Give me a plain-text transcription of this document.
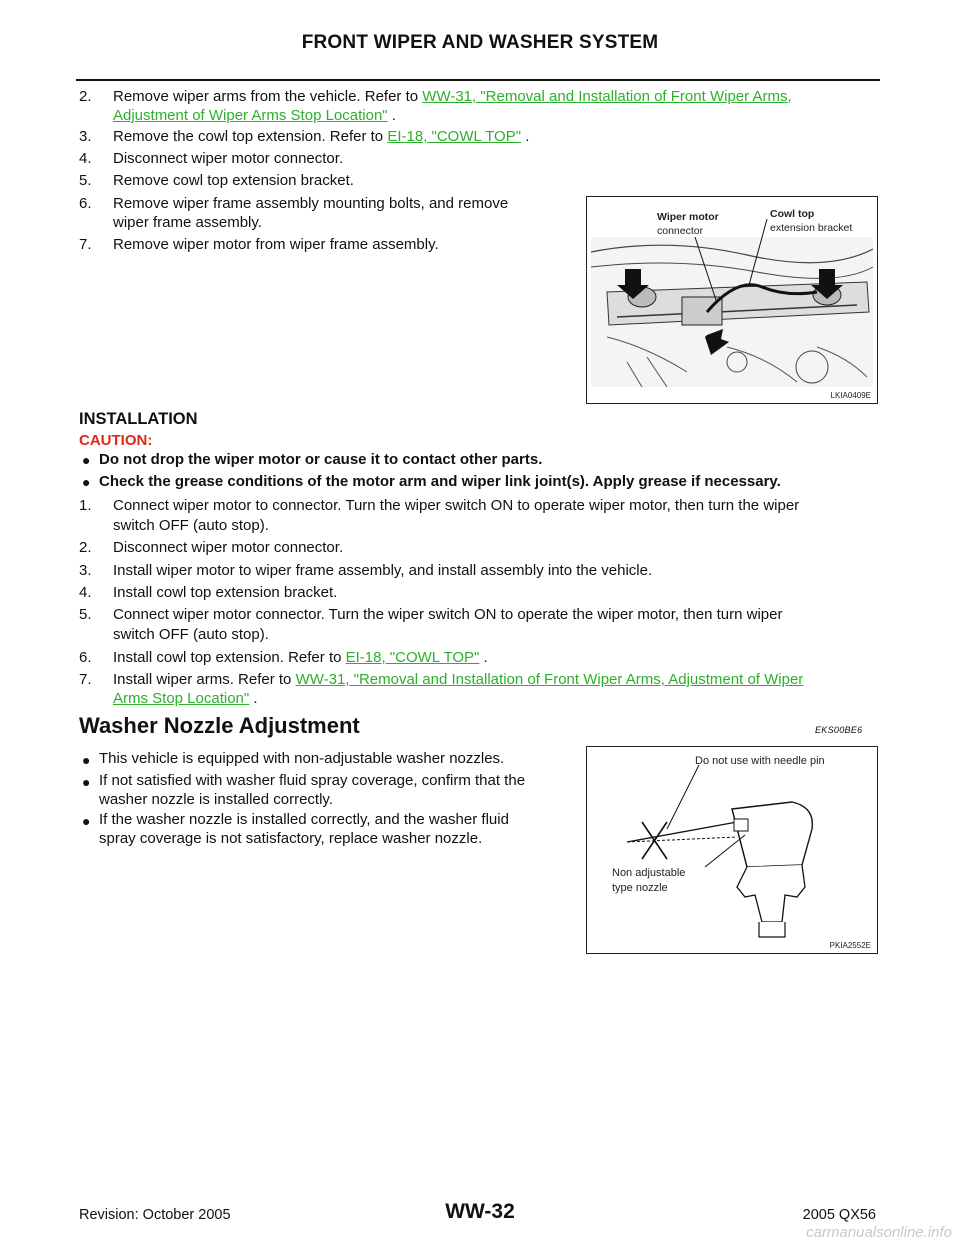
FRONT WIPER AND WASHER SYSTEM
2. Remove wiper arms from the vehicle. Refer to WW-31, "Removal and Installation of Front Wiper Arms,
Adjustment of Wiper Arms Stop Location" .
3. Remove the cowl top extension. Refer to EI-18, "COWL TOP" .
4. Disconnect wiper motor connector.
5. Remove cowl top extension bracket.
6. Remove wiper frame assembly mounting bolts, and remove
wiper frame assembly.
7. Remove wiper motor from wiper frame assembly.
Wiper motor
connector
Cowl top
extension bracket
LKIA0409E
INSTALLATION
CAUTION:
● Do not drop the wiper motor or cause it to contact other parts.
● Check the grease conditions of the motor arm and wiper link joint(s). Apply grease if necessary.
1. Connect wiper motor to connector. Turn the wiper switch ON to operate wiper motor, then turn the wiper
switch OFF (auto stop).
2. Disconnect wiper motor connector.
3. Install wiper motor to wiper frame assembly, and install assembly into the vehicle.
4. Install cowl top extension bracket.
5. Connect wiper motor connector. Turn the wiper switch ON to operate the wiper motor, then turn wiper
switch OFF (auto stop).
6. Install cowl top extension. Refer to EI-18, "COWL TOP" .
7. Install wiper arms. Refer to WW-31, "Removal and Installation of Front Wiper Arms, Adjustment of Wiper
Arms Stop Location" .
Washer Nozzle Adjustment	EKS00BE6
● This vehicle is equipped with non-adjustable washer nozzles.
● If not satisfied with washer fluid spray coverage, confirm that the
washer nozzle is installed correctly.
● If the washer nozzle is installed correctly, and the washer fluid
spray coverage is not satisfactory, replace washer nozzle.
Do not use with needle pin
Non adjustable
type nozzle
PKIA2552E
Revision: October 2005	WW-32	2005 QX56
carmanualsonline.info
